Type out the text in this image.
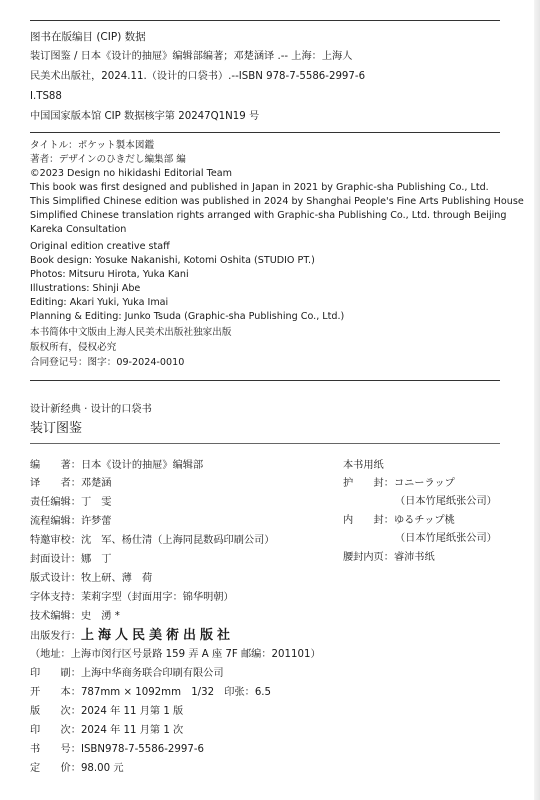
图书在版编目 (CIP) 数据
装订图鉴 / 日本《设计的抽屉》编辑部编著；邓楚涵译 .-- 上海：上海人
民美术出版社，2024.11.（设计的口袋书）.--ISBN 978-7-5586-2997-6
I.TS88
中国国家版本馆 CIP 数据核字第 20247Q1N19 号
タイトル：ポケット製本図鑑
著者：デザインのひきだし編集部 編
©2023 Design no hikidashi Editorial Team
This book was first designed and published in Japan in 2021 by Graphic-sha Publishing Co., Ltd.
This Simplified Chinese edition was published in 2024 by Shanghai People's Fine Arts Publishing House
Simplified Chinese translation rights arranged with Graphic-sha Publishing Co., Ltd. through Beijing
Kareka Consultation
Original edition creative staff
Book design: Yosuke Nakanishi, Kotomi Oshita (STUDIO PT.)
Photos: Mitsuru Hirota, Yuka Kani
Illustrations: Shinji Abe
Editing: Akari Yuki, Yuka Imai
Planning & Editing: Junko Tsuda (Graphic-sha Publishing Co., Ltd.)
本书简体中文版由上海人民美术出版社独家出版
版权所有，侵权必究
合同登记号：图字：09-2024-0010
设计新经典 · 设计的口袋书
装订图鉴
编　　著：日本《设计的抽屉》编辑部
译　　者：邓楚涵
责任编辑：丁　雯
流程编辑：许梦蕾
特邀审校：沈　军、杨仕清（上海同昆数码印刷公司）
封面设计：娜　丁
版式设计：牧上研、薄　荷
字体支持：茉莉字型（封面用字：锦华明朝）
技术编辑：史　湧 *
出版发行：上海人民美術出版社
（地址：上海市闵行区号景路 159 弄 A 座 7F 邮编：201101）
印　　刷：上海中华商务联合印刷有限公司
开　　本：787mm × 1092mm　1/32　印张：6.5
版　　次：2024 年 11 月第 1 版
印　　次：2024 年 11 月第 1 次
书　　号：ISBN978-7-5586-2997-6
定　　价：98.00 元
本书用纸
护　　封：コニーラップ
（日本竹尾纸张公司）
内　　封：ゆるチップ桃
（日本竹尾纸张公司）
腰封内页：睿沛书纸
